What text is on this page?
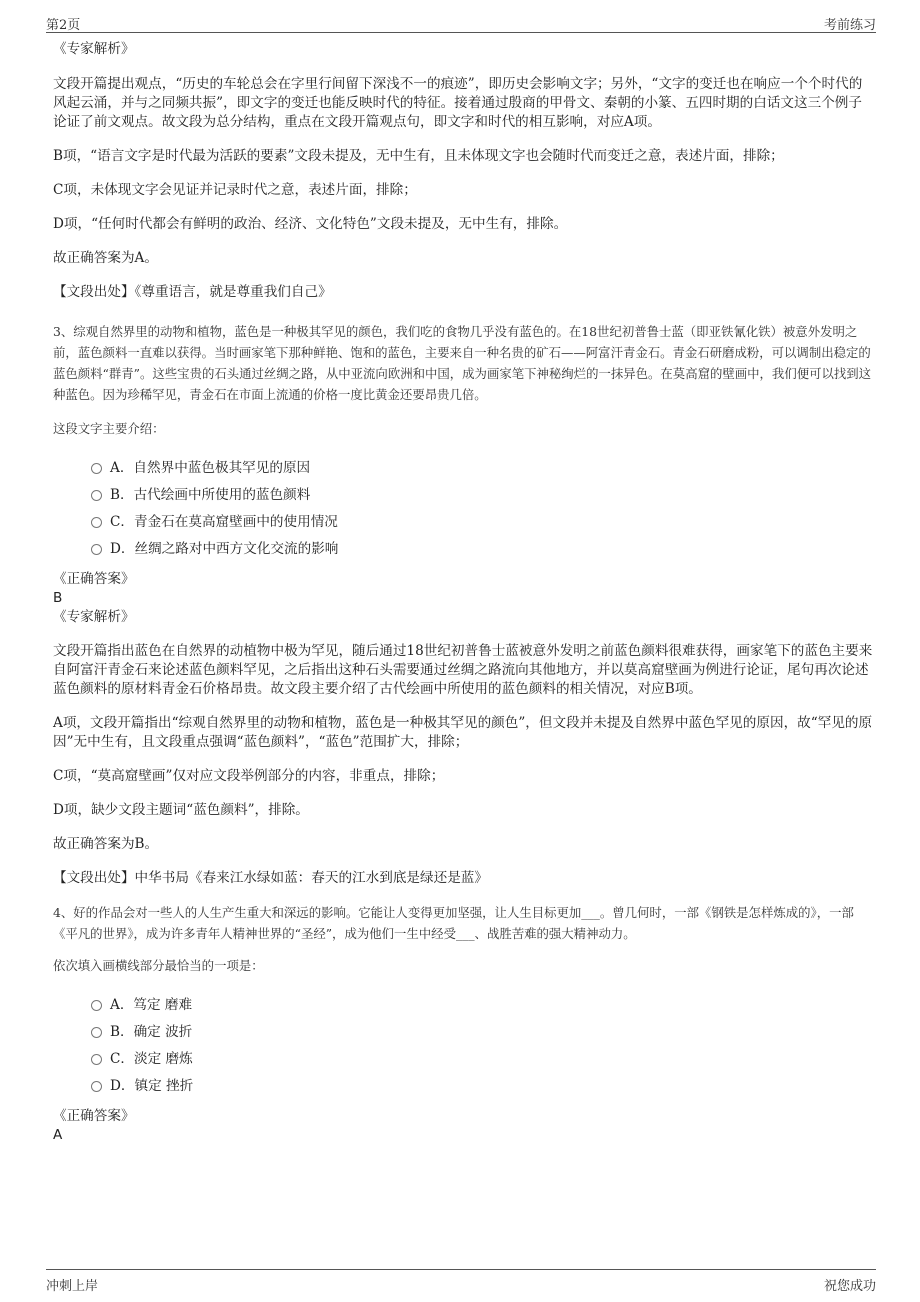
第2页	考前练习

《专家解析》

文段开篇提出观点，“历史的车轮总会在字里行间留下深浅不一的痕迹”，即历史会影响文字；另外，“文字的变迁也在响应一个个时代的风起云涌，并与之同频共振”，即文字的变迁也能反映时代的特征。接着通过殷商的甲骨文、秦朝的小篆、五四时期的白话文这三个例子论证了前文观点。故文段为总分结构，重点在文段开篇观点句，即文字和时代的相互影响，对应A项。

B项，“语言文字是时代最为活跃的要素”文段未提及，无中生有，且未体现文字也会随时代而变迁之意，表述片面，排除；

C项，未体现文字会见证并记录时代之意，表述片面，排除；

D项，“任何时代都会有鲜明的政治、经济、文化特色”文段未提及，无中生有，排除。

故正确答案为A。

【文段出处】《尊重语言，就是尊重我们自己》

3、综观自然界里的动物和植物，蓝色是一种极其罕见的颜色，我们吃的食物几乎没有蓝色的。在18世纪初普鲁士蓝（即亚铁氰化铁）被意外发明之前，蓝色颜料一直难以获得。当时画家笔下那种鲜艳、饱和的蓝色，主要来自一种名贵的矿石——阿富汗青金石。青金石研磨成粉，可以调制出稳定的蓝色颜料“群青”。这些宝贵的石头通过丝绸之路，从中亚流向欧洲和中国，成为画家笔下神秘绚烂的一抹异色。在莫高窟的壁画中，我们便可以找到这种蓝色。因为珍稀罕见，青金石在市面上流通的价格一度比黄金还要昂贵几倍。

这段文字主要介绍：

A．自然界中蓝色极其罕见的原因
B．古代绘画中所使用的蓝色颜料
C．青金石在莫高窟壁画中的使用情况
D．丝绸之路对中西方文化交流的影响

《正确答案》

B

《专家解析》

文段开篇指出蓝色在自然界的动植物中极为罕见，随后通过18世纪初普鲁士蓝被意外发明之前蓝色颜料很难获得，画家笔下的蓝色主要来自阿富汗青金石来论述蓝色颜料罕见，之后指出这种石头需要通过丝绸之路流向其他地方，并以莫高窟壁画为例进行论证，尾句再次论述蓝色颜料的原材料青金石价格昂贵。故文段主要介绍了古代绘画中所使用的蓝色颜料的相关情况，对应B项。

A项，文段开篇指出“综观自然界里的动物和植物，蓝色是一种极其罕见的颜色”，但文段并未提及自然界中蓝色罕见的原因，故“罕见的原因”无中生有，且文段重点强调“蓝色颜料”，“蓝色”范围扩大，排除；

C项，“莫高窟壁画”仅对应文段举例部分的内容，非重点，排除；

D项，缺少文段主题词“蓝色颜料”，排除。

故正确答案为B。

【文段出处】中华书局《春来江水绿如蓝：春天的江水到底是绿还是蓝》

4、好的作品会对一些人的人生产生重大和深远的影响。它能让人变得更加坚强，让人生目标更加___。曾几何时，一部《钢铁是怎样炼成的》，一部《平凡的世界》，成为许多青年人精神世界的“圣经”，成为他们一生中经受___、战胜苦难的强大精神动力。

依次填入画横线部分最恰当的一项是：

A．笃定 磨难
B．确定 波折
C．淡定 磨炼
D．镇定 挫折

《正确答案》

A

冲刺上岸	祝您成功
